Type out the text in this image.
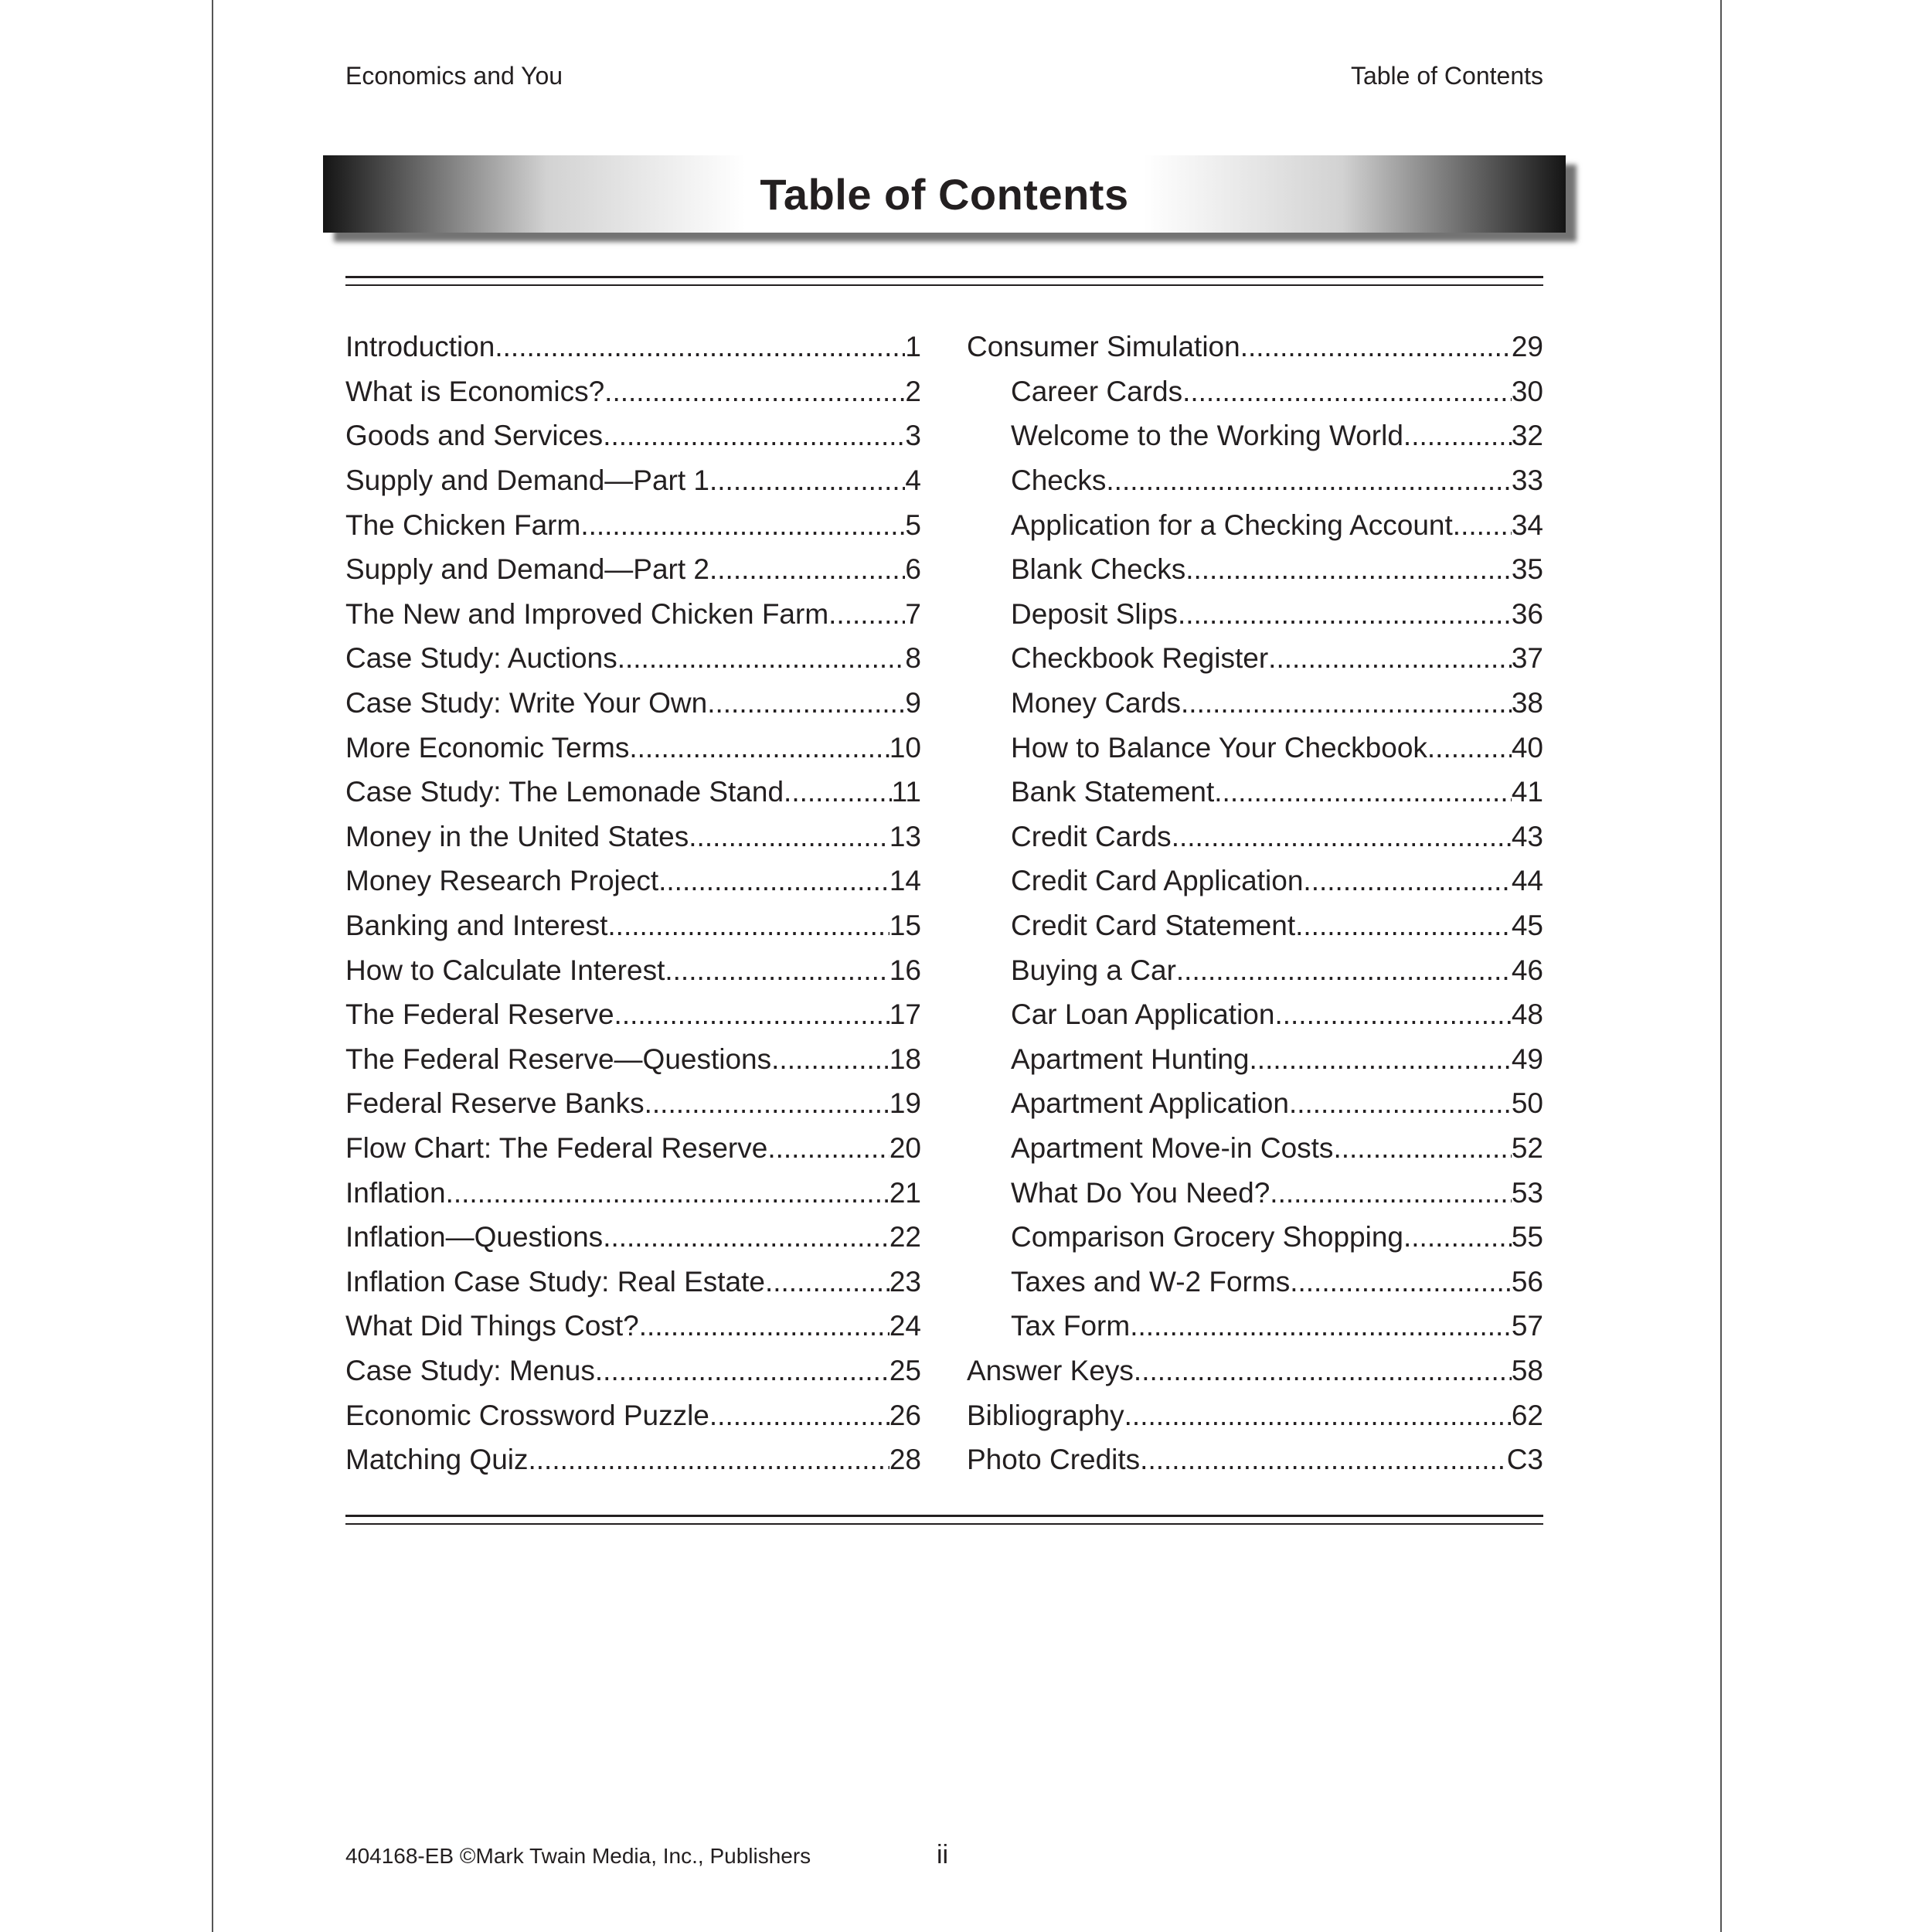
Economics and You	Table of Contents
Table of Contents
Introduction .....	1
What is Economics? .....	2
Goods and Services .....	3
Supply and Demand—Part 1 .....	4
The Chicken Farm .....	5
Supply and Demand—Part 2 .....	6
The New and Improved Chicken Farm .....	7
Case Study: Auctions .....	8
Case Study: Write Your Own .....	9
More Economic Terms .....	10
Case Study: The Lemonade Stand .....	11
Money in the United States .....	13
Money Research Project .....	14
Banking and Interest .....	15
How to Calculate Interest .....	16
The Federal Reserve .....	17
The Federal Reserve—Questions .....	18
Federal Reserve Banks .....	19
Flow Chart: The Federal Reserve .....	20
Inflation .....	21
Inflation—Questions .....	22
Inflation Case Study: Real Estate .....	23
What Did Things Cost? .....	24
Case Study: Menus .....	25
Economic Crossword Puzzle .....	26
Matching Quiz .....	28
Consumer Simulation .....	29
Career Cards .....	30
Welcome to the Working World .....	32
Checks .....	33
Application for a Checking Account ..... 34
Blank Checks .....	35
Deposit Slips .....	36
Checkbook Register .....	37
Money Cards .....	38
How to Balance Your Checkbook .....	40
Bank Statement .....	41
Credit Cards .....	43
Credit Card Application .....	44
Credit Card Statement .....	45
Buying a Car .....	46
Car Loan Application .....	48
Apartment Hunting .....	49
Apartment Application .....	50
Apartment Move-in Costs .....	52
What Do You Need? .....	53
Comparison Grocery Shopping .....	55
Taxes and W-2 Forms .....	56
Tax Form .....	57
Answer Keys .....	58
Bibliography .....	62
Photo Credits .....	C3
404168-EB ©Mark Twain Media, Inc., Publishers	ii
